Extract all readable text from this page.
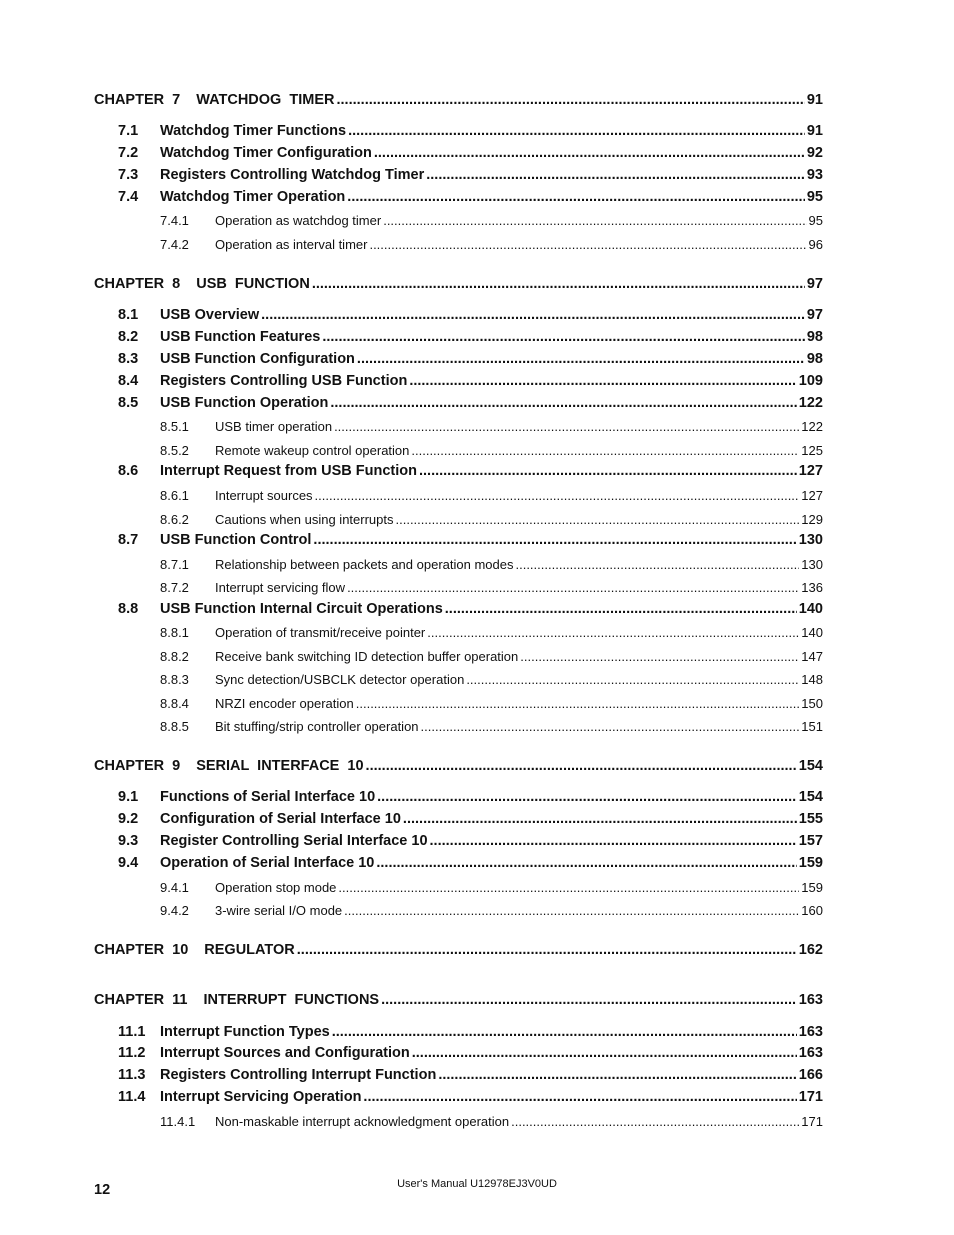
CHAPTER  7 WATCHDOG  TIMER .....	91
7.1	Watchdog Timer Functions .....	91
7.2	Watchdog Timer Configuration .....	92
7.3	Registers Controlling Watchdog Timer .....	93
7.4	Watchdog Timer Operation .....	95
7.4.1	Operation as watchdog timer .....	95
7.4.2	Operation as interval timer .....	96
CHAPTER  8 USB  FUNCTION .....	97
8.1	USB Overview .....	97
8.2	USB Function Features .....	98
8.3	USB Function Configuration .....	98
8.4	Registers Controlling USB Function .....	109
8.5	USB Function Operation .....	122
8.5.1	USB timer operation .....	122
8.5.2	Remote wakeup control operation .....	125
8.6	Interrupt Request from USB Function .....	127
8.6.1	Interrupt sources .....	127
8.6.2	Cautions when using interrupts .....	129
8.7	USB Function Control .....	130
8.7.1	Relationship between packets and operation modes .....	130
8.7.2	Interrupt servicing flow .....	136
8.8	USB Function Internal Circuit Operations .....	140
8.8.1	Operation of transmit/receive pointer .....	140
8.8.2	Receive bank switching ID detection buffer operation .....	147
8.8.3	Sync detection/USBCLK detector operation .....	148
8.8.4	NRZI encoder operation .....	150
8.8.5	Bit stuffing/strip controller operation .....	151
CHAPTER  9 SERIAL  INTERFACE  10 .....	154
9.1	Functions of Serial Interface 10 .....	154
9.2	Configuration of Serial Interface 10 .....	155
9.3	Register Controlling Serial Interface 10 .....	157
9.4	Operation of Serial Interface 10 .....	159
9.4.1	Operation stop mode .....	159
9.4.2	3-wire serial I/O mode .....	160
CHAPTER  10 REGULATOR .....	162
CHAPTER  11 INTERRUPT  FUNCTIONS .....	163
11.1	Interrupt Function Types .....	163
11.2	Interrupt Sources and Configuration .....	163
11.3	Registers Controlling Interrupt Function .....	166
11.4	Interrupt Servicing Operation .....	171
11.4.1	Non-maskable interrupt acknowledgment operation .....	171
User's Manual U12978EJ3V0UD
12
